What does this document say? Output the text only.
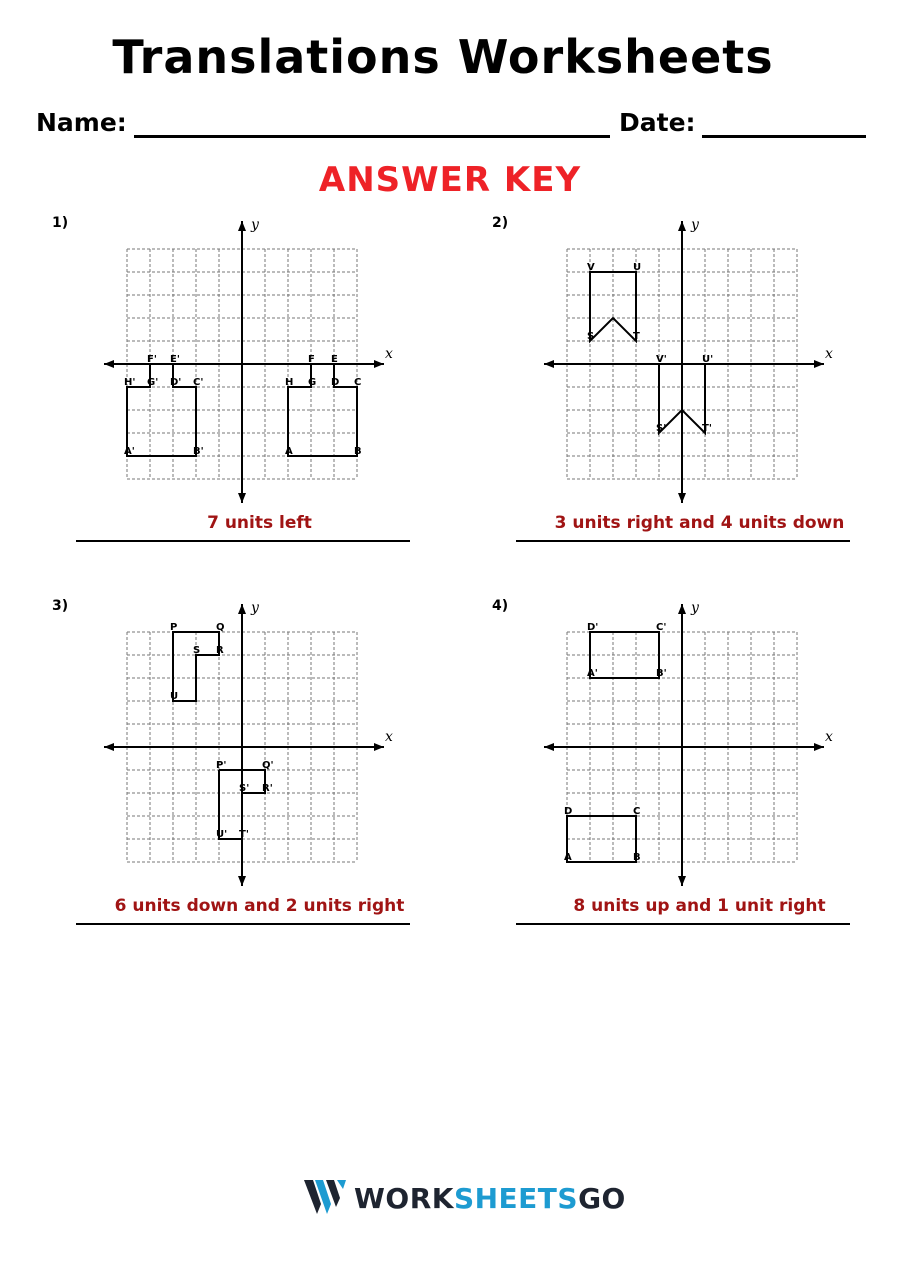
Translations Worksheets
Name:	Date:
ANSWER KEY
1)
x
y
F' E'
H' G' D' C'
A'	B'
F E
H G D C
A	B
7 units left
2)
x
y
V	U
S	T
V'	U'
S'	T'
3 units right and 4 units down
3)
x
y
P	Q
S R
U
P'	Q'
S' R'
U' T'
6 units down and 2 units right
4)
x
y
D'	C'
A'	B'
D	C
A	B
8 units up and 1 unit right
WORKSHEETSGO
